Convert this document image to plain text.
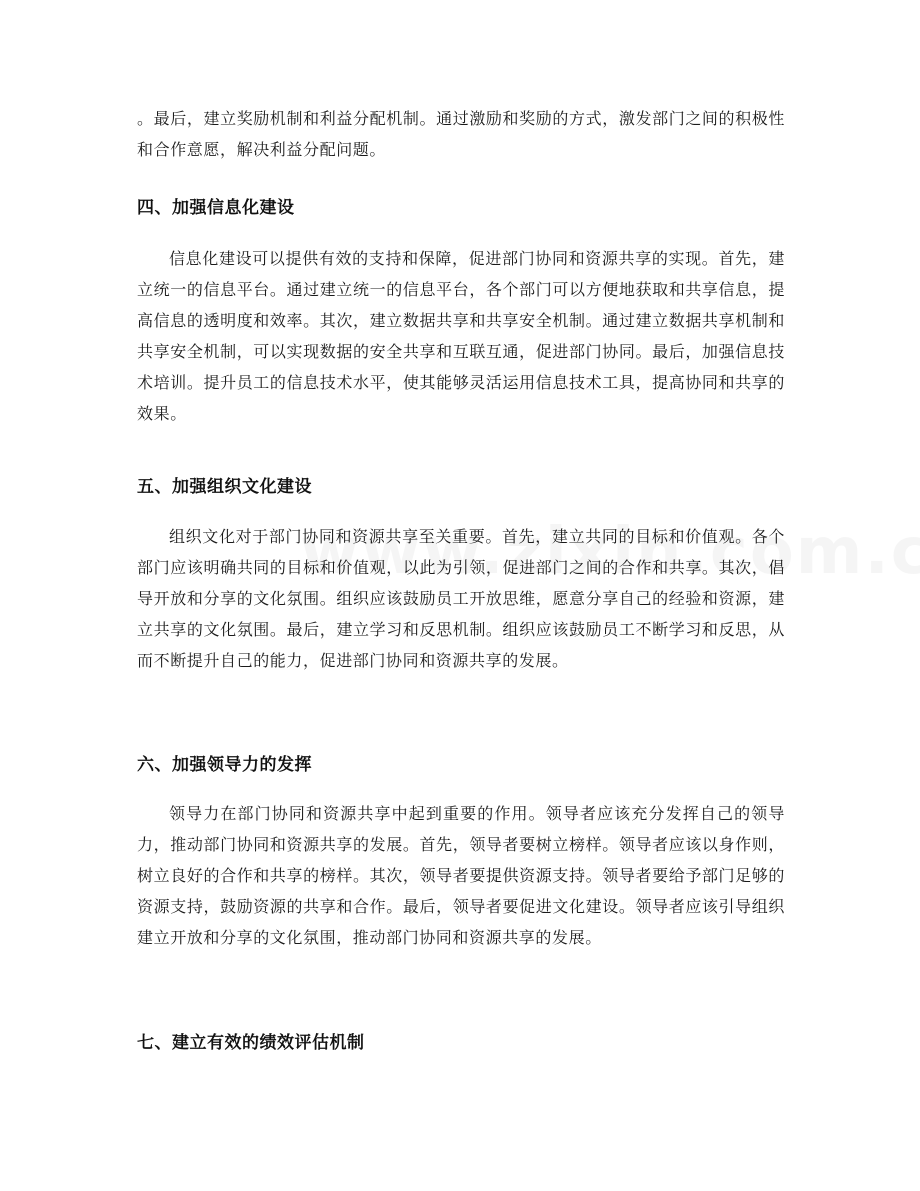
。最后，建立奖励机制和利益分配机制。通过激励和奖励的方式，激发部门之间的积极性和合作意愿，解决利益分配问题。

四、加强信息化建设

信息化建设可以提供有效的支持和保障，促进部门协同和资源共享的实现。首先，建立统一的信息平台。通过建立统一的信息平台，各个部门可以方便地获取和共享信息，提高信息的透明度和效率。其次，建立数据共享和共享安全机制。通过建立数据共享机制和共享安全机制，可以实现数据的安全共享和互联互通，促进部门协同。最后，加强信息技术培训。提升员工的信息技术水平，使其能够灵活运用信息技术工具，提高协同和共享的效果。

五、加强组织文化建设

组织文化对于部门协同和资源共享至关重要。首先，建立共同的目标和价值观。各个部门应该明确共同的目标和价值观，以此为引领，促进部门之间的合作和共享。其次，倡导开放和分享的文化氛围。组织应该鼓励员工开放思维，愿意分享自己的经验和资源，建立共享的文化氛围。最后，建立学习和反思机制。组织应该鼓励员工不断学习和反思，从而不断提升自己的能力，促进部门协同和资源共享的发展。

六、加强领导力的发挥

领导力在部门协同和资源共享中起到重要的作用。领导者应该充分发挥自己的领导力，推动部门协同和资源共享的发展。首先，领导者要树立榜样。领导者应该以身作则，树立良好的合作和共享的榜样。其次，领导者要提供资源支持。领导者要给予部门足够的资源支持，鼓励资源的共享和合作。最后，领导者要促进文化建设。领导者应该引导组织建立开放和分享的文化氛围，推动部门协同和资源共享的发展。

七、建立有效的绩效评估机制
